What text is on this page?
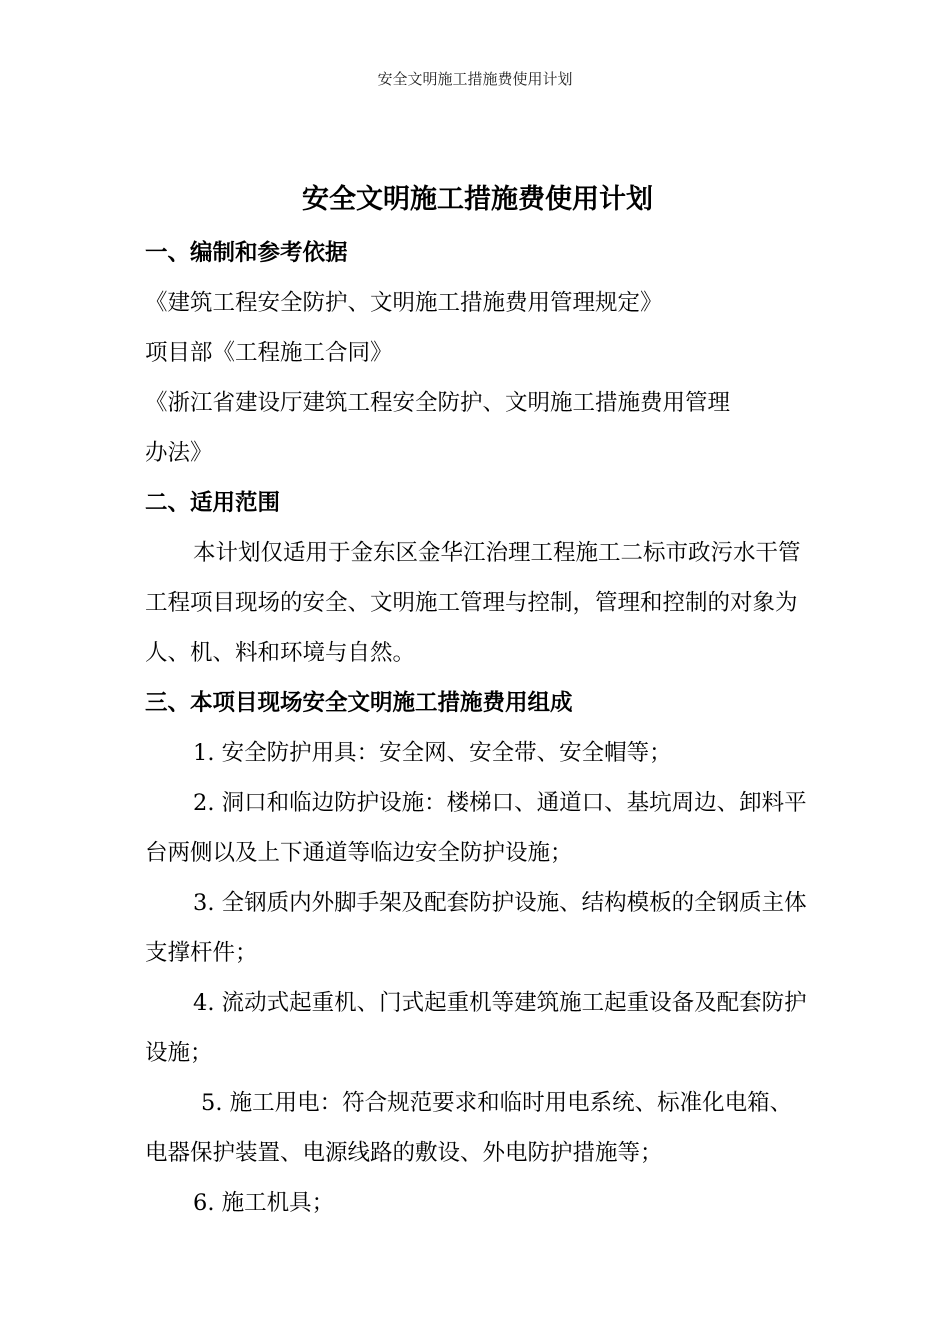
安全文明施工措施费使用计划
安全文明施工措施费使用计划
一、编制和参考依据

《建筑工程安全防护、文明施工措施费用管理规定》

项目部《工程施工合同》

《浙江省建设厅建筑工程安全防护、文明施工措施费用管理

办法》

二、适用范围

本计划仅适用于金东区金华江治理工程施工二标市政污水干管工程项目现场的安全、文明施工管理与控制，管理和控制的对象为人、机、料和环境与自然。

三、本项目现场安全文明施工措施费用组成

1. 安全防护用具：安全网、安全带、安全帽等；

2. 洞口和临边防护设施：楼梯口、通道口、基坑周边、卸料平台两侧以及上下通道等临边安全防护设施；

3. 全钢质内外脚手架及配套防护设施、结构模板的全钢质主体支撑杆件；

4. 流动式起重机、门式起重机等建筑施工起重设备及配套防护设施；

5. 施工用电：符合规范要求和临时用电系统、标准化电箱、电器保护装置、电源线路的敷设、外电防护措施等；

6. 施工机具；
